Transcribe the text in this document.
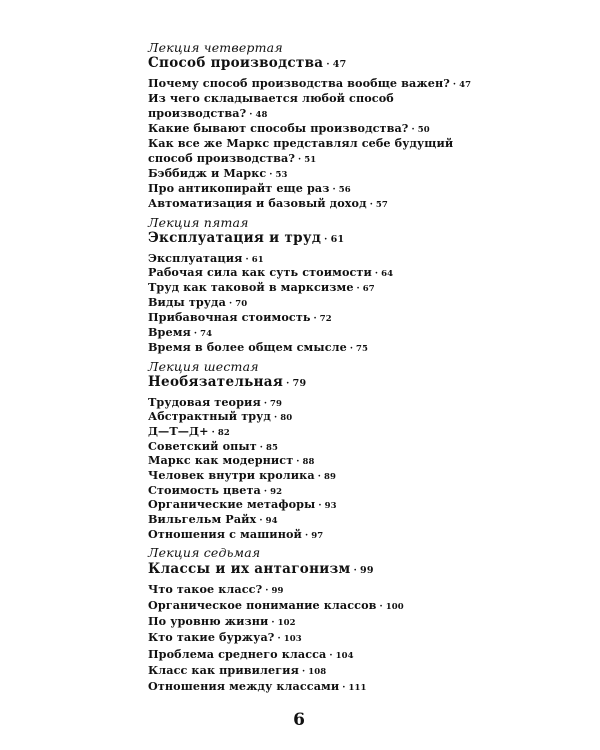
Лекция четвертая
Способ производства · 47
Почему способ производства вообще важен? · 47
Из чего складывается любой способ
производства? · 48
Какие бывают способы производства? · 50
Как все же Маркс представлял себе будущий
способ производства? · 51
Бэббидж и Маркс · 53
Про антикопирайт еще раз · 56
Автоматизация и базовый доход · 57
Лекция пятая
Эксплуатация и труд · 61
Эксплуатация · 61
Рабочая сила как суть стоимости · 64
Труд как таковой в марксизме · 67
Виды труда · 70
Прибавочная стоимость · 72
Время · 74
Время в более общем смысле · 75
Лекция шестая
Необязательная · 79
Трудовая теория · 79
Абстрактный труд · 80
Д—Т—Д+ · 82
Советский опыт · 85
Маркс как модернист · 88
Человек внутри кролика · 89
Стоимость цвета · 92
Органические метафоры · 93
Вильгельм Райх · 94
Отношения с машиной · 97
Лекция седьмая
Классы и их антагонизм · 99
Что такое класс? · 99
Органическое понимание классов · 100
По уровню жизни · 102
Кто такие буржуа? · 103
Проблема среднего класса · 104
Класс как привилегия · 108
Отношения между классами · 111
6
